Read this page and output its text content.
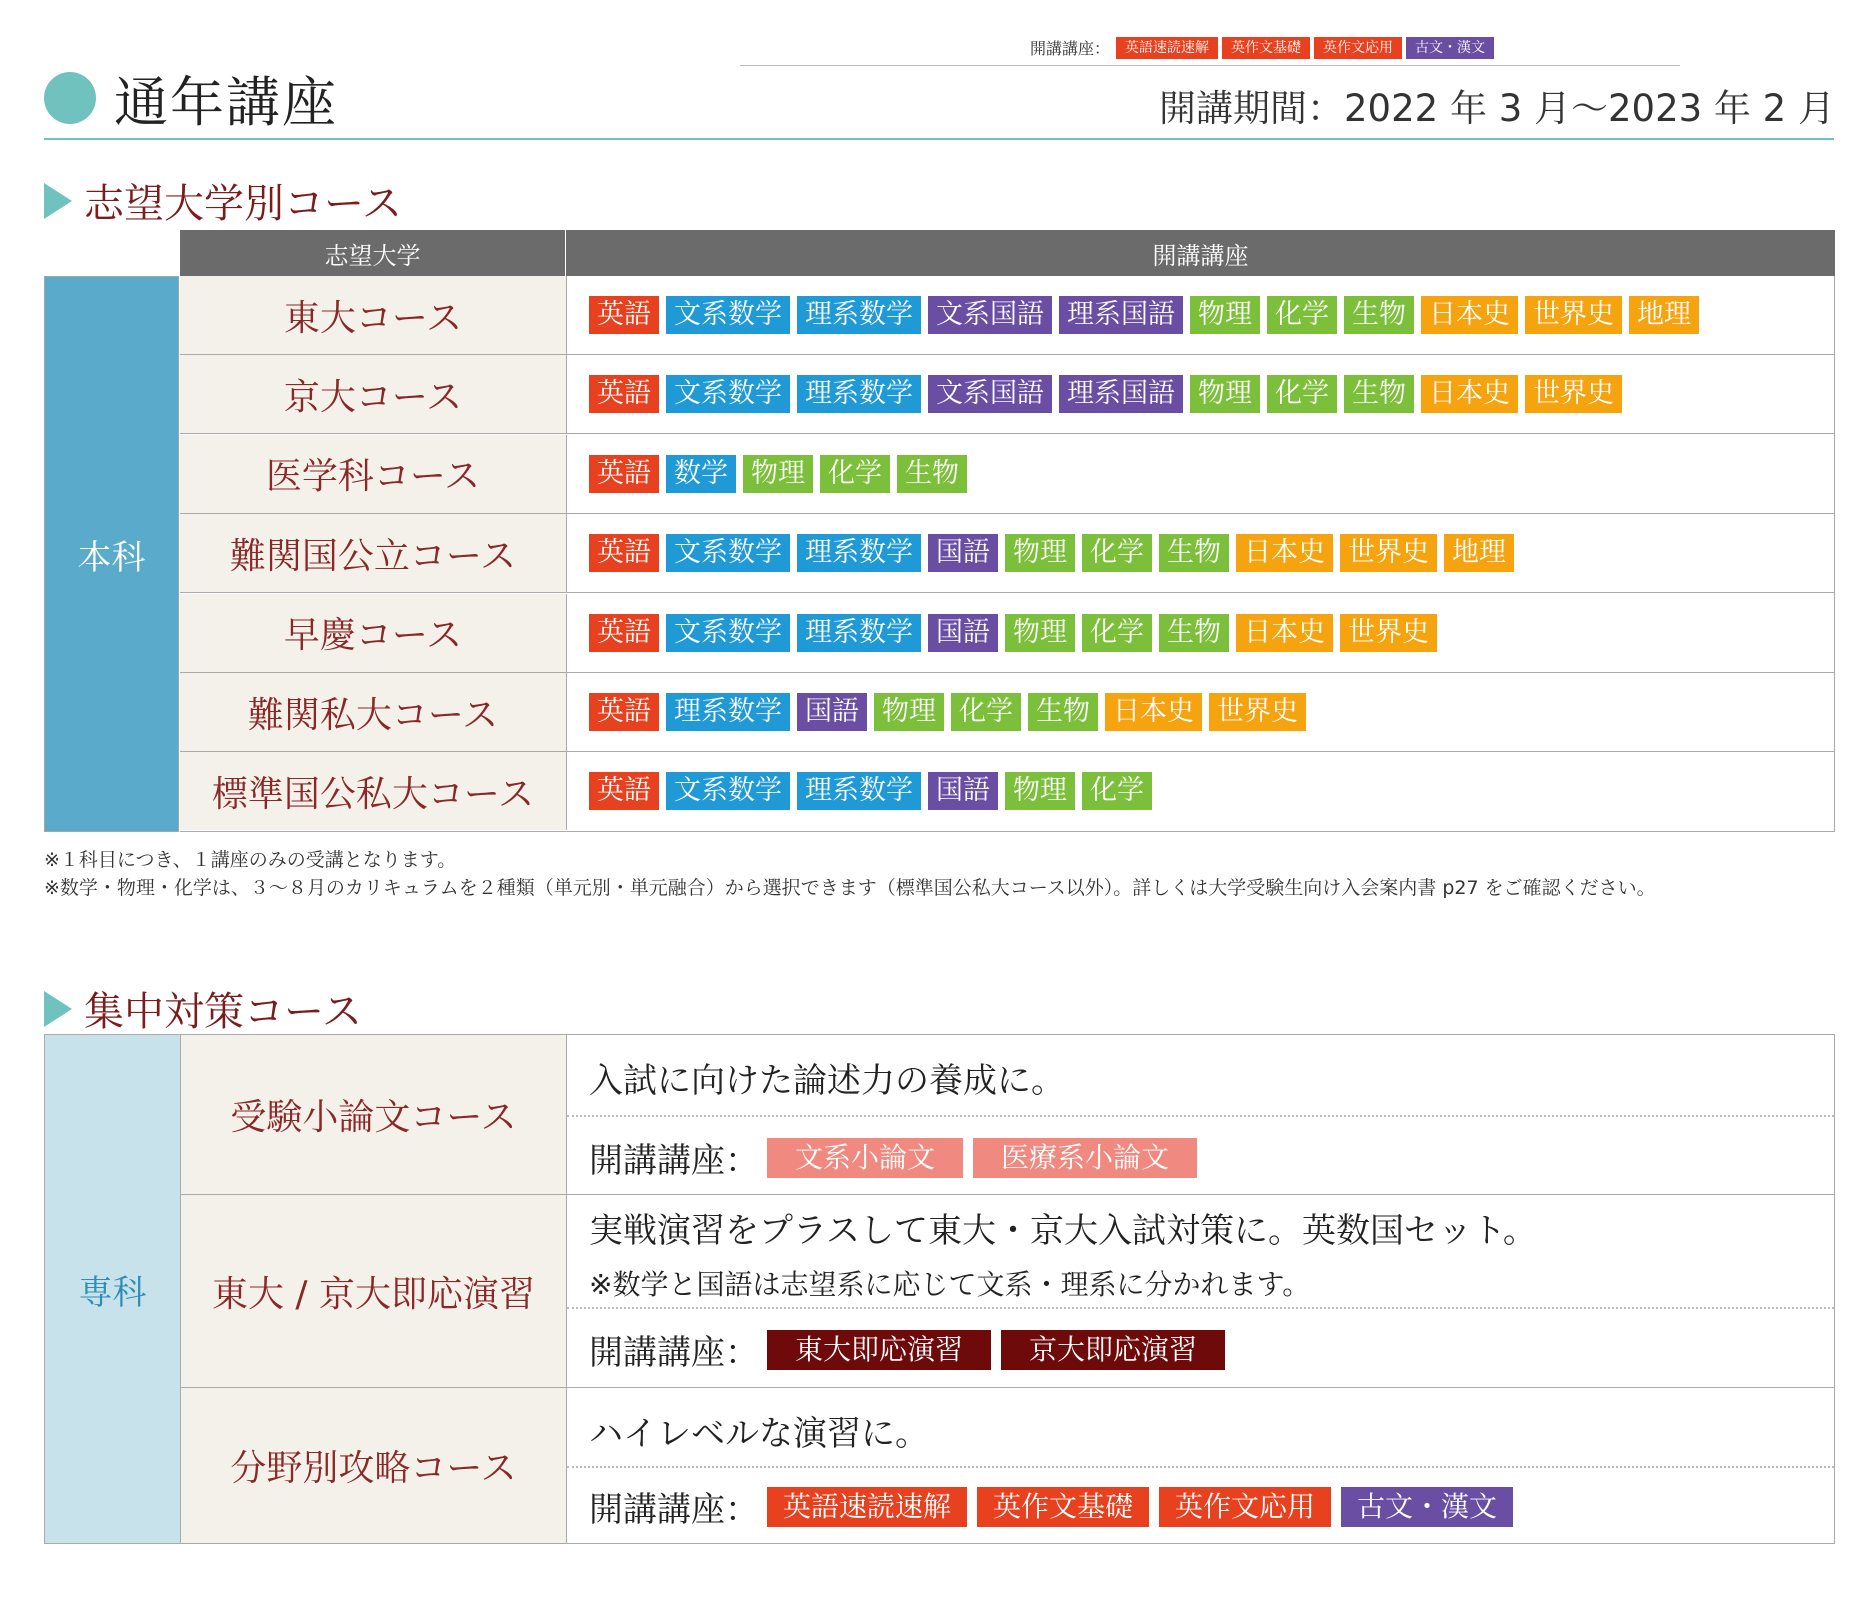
開講講座：	英語速読速解	英作文基礎	英作文応用	古文・漢文
通年講座	開講期間：2022 年 3 月〜2023 年 2 月
志望大学別コース
志望大学	開講講座
本科
東大コース	英語 文系数学 理系数学 文系国語 理系国語 物理 化学 生物 日本史 世界史 地理
京大コース	英語 文系数学 理系数学 文系国語 理系国語 物理 化学 生物 日本史 世界史
医学科コース	英語 数学 物理 化学 生物
難関国公立コース	英語 文系数学 理系数学 国語 物理 化学 生物 日本史 世界史 地理
早慶コース	英語 文系数学 理系数学 国語 物理 化学 生物 日本史 世界史
難関私大コース	英語 理系数学 国語 物理 化学 生物 日本史 世界史
標準国公私大コース	英語 文系数学 理系数学 国語 物理 化学
※１科目につき、１講座のみの受講となります。
※数学・物理・化学は、３〜８月のカリキュラムを２種類（単元別・単元融合）から選択できます（標準国公私大コース以外）。詳しくは大学受験生向け入会案内書 p27 をご確認ください。
集中対策コース
専科
受験小論文コース
入試に向けた論述力の養成に。
開講講座：	文系小論文	医療系小論文
東大 / 京大即応演習
実戦演習をプラスして東大・京大入試対策に。英数国セット。
※数学と国語は志望系に応じて文系・理系に分かれます。
開講講座：	東大即応演習	京大即応演習
分野別攻略コース
ハイレベルな演習に。
開講講座： 英語速読速解	英作文基礎	英作文応用	古文・漢文
